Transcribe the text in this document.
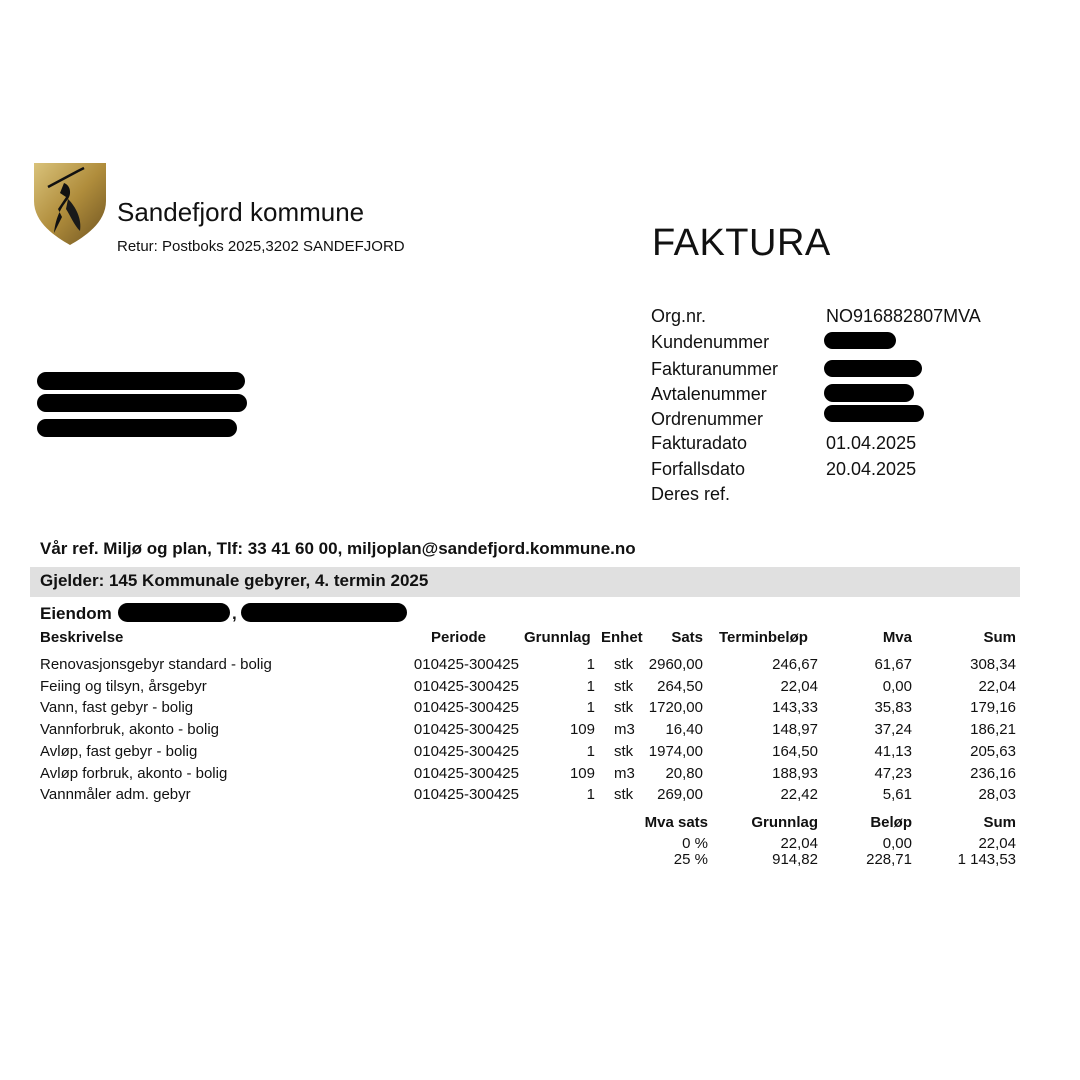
Sandefjord kommune
Retur: Postboks 2025,3202 SANDEFJORD	FAKTURA
Org.nr.	NO916882807MVA
Kundenummer
Fakturanummer
Avtalenummer
Ordrenummer
Fakturadato	01.04.2025
Forfallsdato	20.04.2025
Deres ref.
Vår ref. Miljø og plan, Tlf: 33 41 60 00, miljoplan@sandefjord.kommune.no
Gjelder: 145 Kommunale gebyrer, 4. termin 2025
Eiendom	,
Beskrivelse	Periode	Grunnlag Enhet	Sats Terminbeløp	Mva	Sum
Renovasjonsgebyr standard - bolig	010425-300425	1 stk	2960,00	246,67	61,67	308,34
Feiing og tilsyn, årsgebyr	010425-300425	1 stk	264,50	22,04	0,00	22,04
Vann, fast gebyr - bolig	010425-300425	1 stk	1720,00	143,33	35,83	179,16
Vannforbruk, akonto - bolig	010425-300425	109 m3	16,40	148,97	37,24	186,21
Avløp, fast gebyr - bolig	010425-300425	1 stk	1974,00	164,50	41,13	205,63
Avløp forbruk, akonto - bolig	010425-300425	109 m3	20,80	188,93	47,23	236,16
Vannmåler adm. gebyr	010425-300425	1 stk	269,00	22,42	5,61	28,03
Mva sats	Grunnlag	Beløp	Sum
0 %	22,04	0,00	22,04
25 %	914,82	228,71	1 143,53
